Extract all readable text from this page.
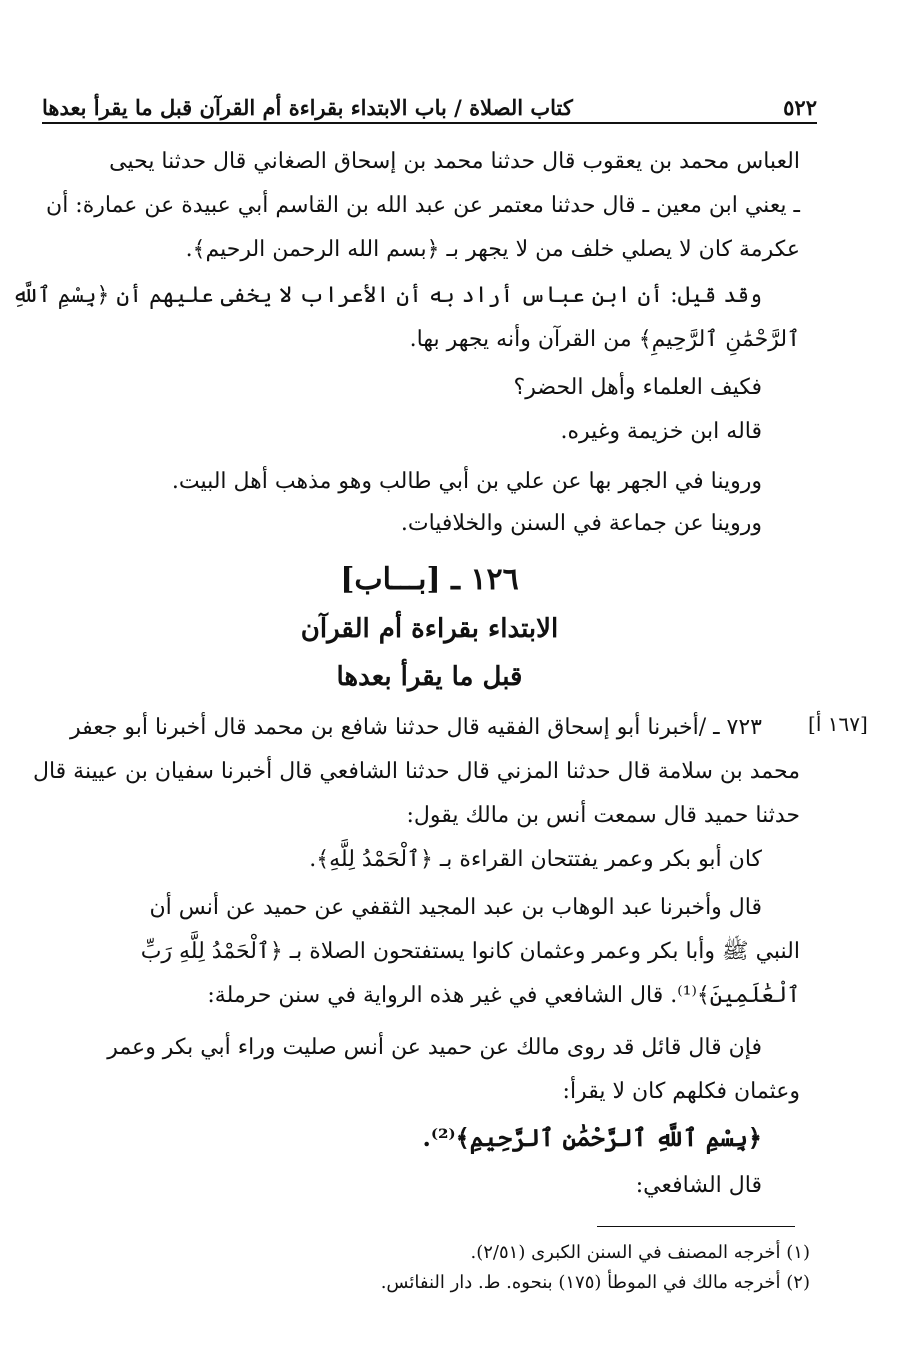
٥٢٢
كتاب الصلاة / باب الابتداء بقراءة أم القرآن قبل ما يقرأ بعدها
العباس محمد بن يعقوب قال حدثنا محمد بن إسحاق الصغاني قال حدثنا يحيى
ـ يعني ابن معين ـ قال حدثنا معتمر عن عبد الله بن القاسم أبي عبيدة عن عمارة: أن
عكرمة كان لا يصلي خلف من لا يجهر بـ ﴿بسم الله الرحمن الرحيم﴾.
وقد قيل: أن ابن عباس أراد به أن الأعراب لا يخفى عليهم أن ﴿بِسْمِ ٱللَّهِ
ٱلرَّحْمَٰنِ ٱلرَّحِيمِ﴾ من القرآن وأنه يجهر بها.
فكيف العلماء وأهل الحضر؟
قاله ابن خزيمة وغيره.
وروينا في الجهر بها عن علي بن أبي طالب وهو مذهب أهل البيت.
وروينا عن جماعة في السنن والخلافيات.
١٢٦ ـ [بـــاب]
الابتداء بقراءة أم القرآن
قبل ما يقرأ بعدها
[١٦٧ أ]
٧٢٣ ـ /أخبرنا أبو إسحاق الفقيه قال حدثنا شافع بن محمد قال أخبرنا أبو جعفر
محمد بن سلامة قال حدثنا المزني قال حدثنا الشافعي قال أخبرنا سفيان بن عيينة قال
حدثنا حميد قال سمعت أنس بن مالك يقول:
كان أبو بكر وعمر يفتتحان القراءة بـ ﴿ٱلْحَمْدُ لِلَّهِ﴾.
قال وأخبرنا عبد الوهاب بن عبد المجيد الثقفي عن حميد عن أنس أن
النبي ﷺ وأبا بكر وعمر وعثمان كانوا يستفتحون الصلاة بـ ﴿ٱلْحَمْدُ لِلَّهِ رَبِّ
ٱلْعَٰلَمِينَ﴾⁽¹⁾. قال الشافعي في غير هذه الرواية في سنن حرملة:
فإن قال قائل قد روى مالك عن حميد عن أنس صليت وراء أبي بكر وعمر
وعثمان فكلهم كان لا يقرأ:
﴿بِسْمِ ٱللَّهِ ٱلرَّحْمَٰنِ ٱلرَّحِيمِ﴾⁽²⁾.
قال الشافعي:
(١) أخرجه المصنف في السنن الكبرى (٢/٥١).
(٢) أخرجه مالك في الموطأ (١٧٥) بنحوه. ط. دار النفائس.
